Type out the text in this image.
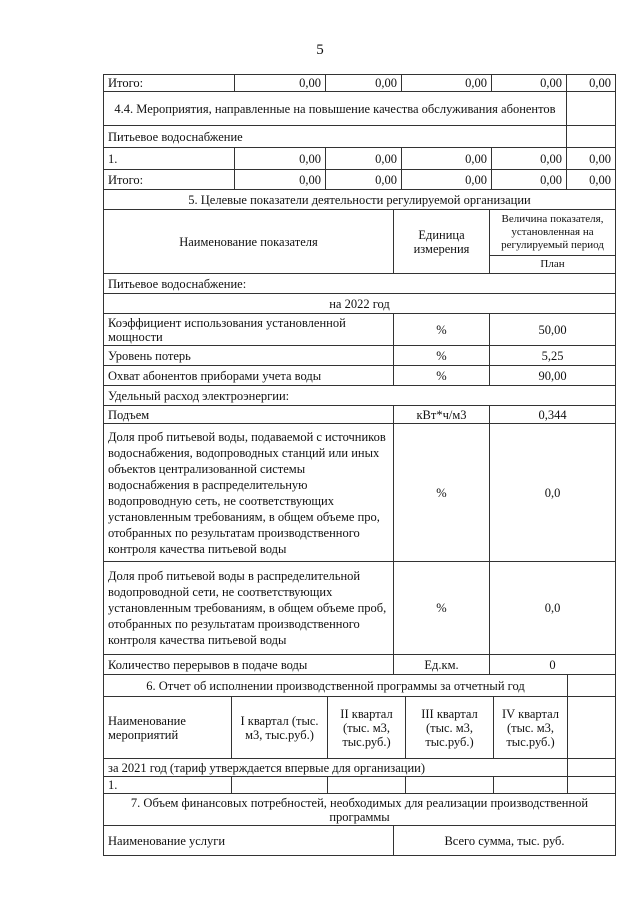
5
Итого:	0,00	0,00	0,00	0,00	0,00
4.4. Мероприятия, направленные на повышение качества обслуживания абонентов					
Питьевое водоснабжение					
1.	0,00	0,00	0,00	0,00	0,00
Итого:	0,00	0,00	0,00	0,00	0,00
5. Целевые показатели деятельности регулируемой организации		
Наименование показателя	Единица измерения	Величина показателя, установленная на регулируемый период
		План
Питьевое водоснабжение:		
на 2022 год		
Коэффициент использования установленной мощности	%	50,00
Уровень потерь	%	5,25
Охват абонентов приборами учета воды	%	90,00
Удельный расход электроэнергии:		
Подъем	кВт*ч/м3	0,344
Доля проб питьевой воды, подаваемой с источников водоснабжения, водопроводных станций или иных объектов централизованной системы водоснабжения в распределительную водопроводную сеть, не соответствующих установленным требованиям, в общем объеме про, отобранных по результатам производственного контроля качества питьевой воды	%	0,0
Доля проб питьевой воды в распределительной водопроводной сети, не соответствующих установленным требованиям, в общем объеме проб, отобранных по результатам производственного контроля качества питьевой воды	%	0,0
Количество перерывов в подаче воды	Ед.км.	0
6. Отчет об исполнении производственной программы за отчетный год					
Наименование мероприятий	I квартал (тыс. м3, тыс.руб.)	II квартал (тыс. м3, тыс.руб.)	III квартал (тыс. м3, тыс.руб.)	IV квартал (тыс. м3, тыс.руб.)	
за 2021 год (тариф утверждается впервые для организации)					
1.					
7. Объем финансовых потребностей, необходимых для реализации производственной программы
Наименование услуги	Всего сумма, тыс. руб.
